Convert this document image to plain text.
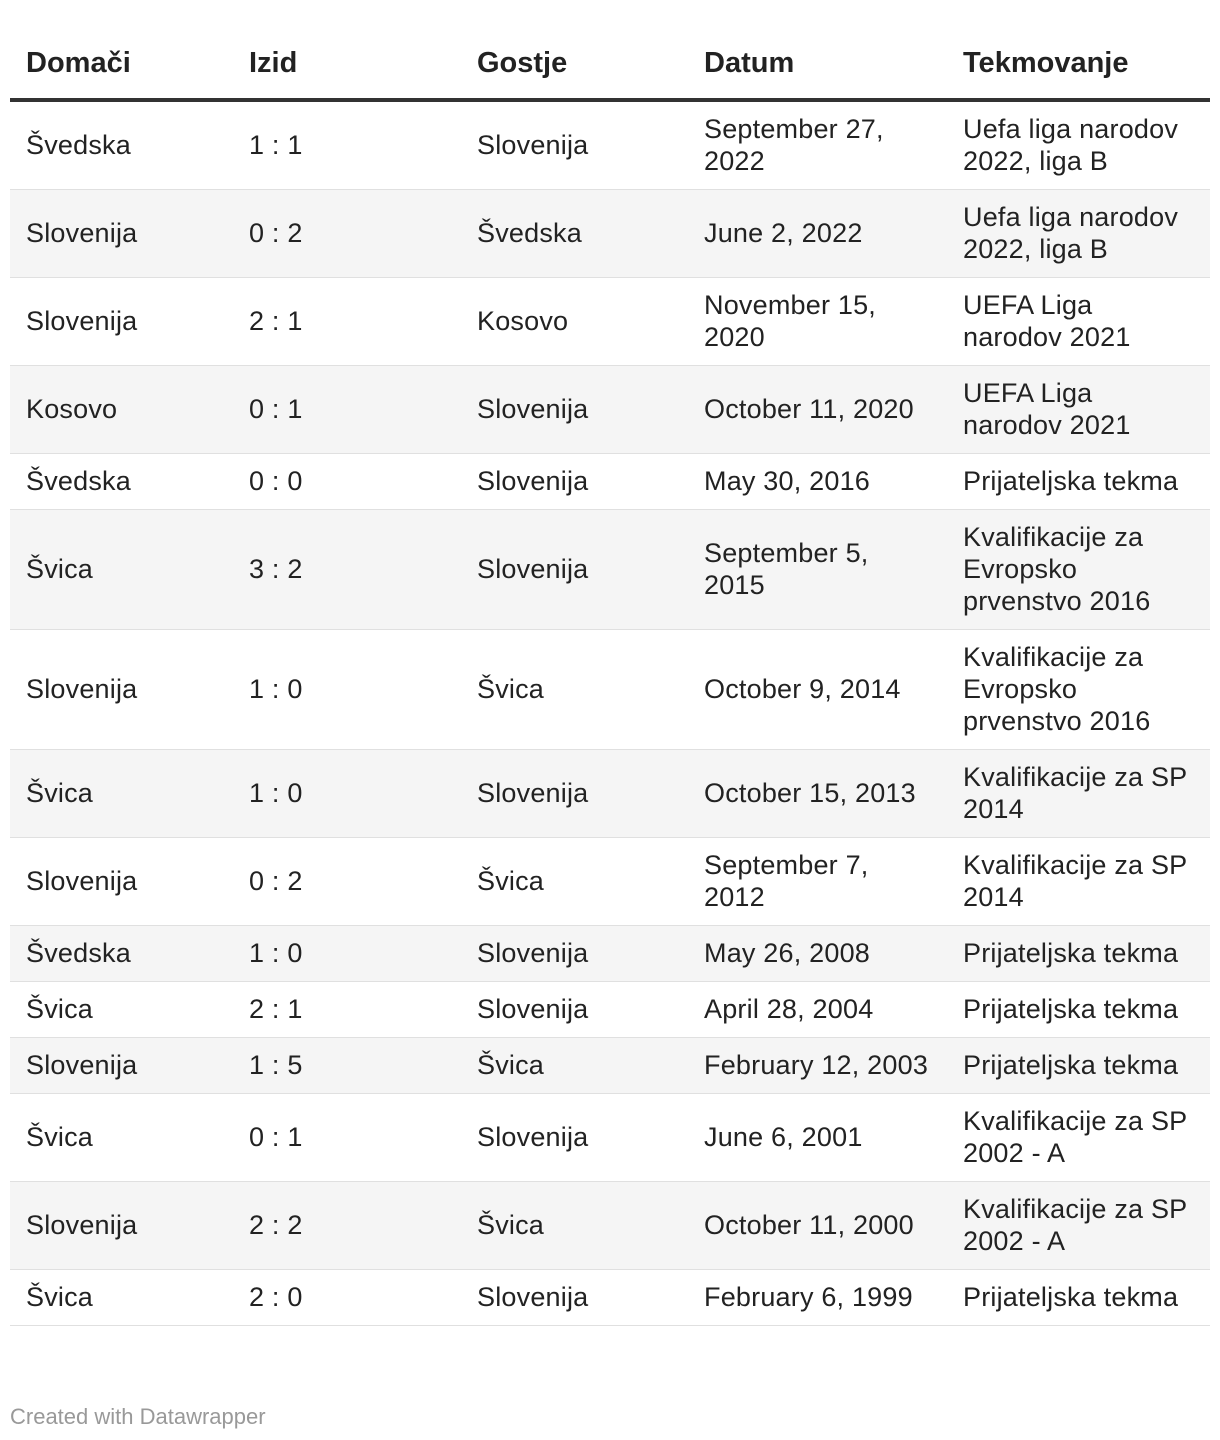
Domači	Izid	Gostje	Datum	Tekmovanje
Švedska	1 : 1	Slovenija	September 27, 2022	Uefa liga narodov 2022, liga B
Slovenija	0 : 2	Švedska	June 2, 2022	Uefa liga narodov 2022, liga B
Slovenija	2 : 1	Kosovo	November 15, 2020	UEFA Liga narodov 2021
Kosovo	0 : 1	Slovenija	October 11, 2020	UEFA Liga narodov 2021
Švedska	0 : 0	Slovenija	May 30, 2016	Prijateljska tekma
Švica	3 : 2	Slovenija	September 5, 2015	Kvalifikacije za Evropsko prvenstvo 2016
Slovenija	1 : 0	Švica	October 9, 2014	Kvalifikacije za Evropsko prvenstvo 2016
Švica	1 : 0	Slovenija	October 15, 2013	Kvalifikacije za SP 2014
Slovenija	0 : 2	Švica	September 7, 2012	Kvalifikacije za SP 2014
Švedska	1 : 0	Slovenija	May 26, 2008	Prijateljska tekma
Švica	2 : 1	Slovenija	April 28, 2004	Prijateljska tekma
Slovenija	1 : 5	Švica	February 12, 2003	Prijateljska tekma
Švica	0 : 1	Slovenija	June 6, 2001	Kvalifikacije za SP 2002 - A
Slovenija	2 : 2	Švica	October 11, 2000	Kvalifikacije za SP 2002 - A
Švica	2 : 0	Slovenija	February 6, 1999	Prijateljska tekma
Created with Datawrapper
